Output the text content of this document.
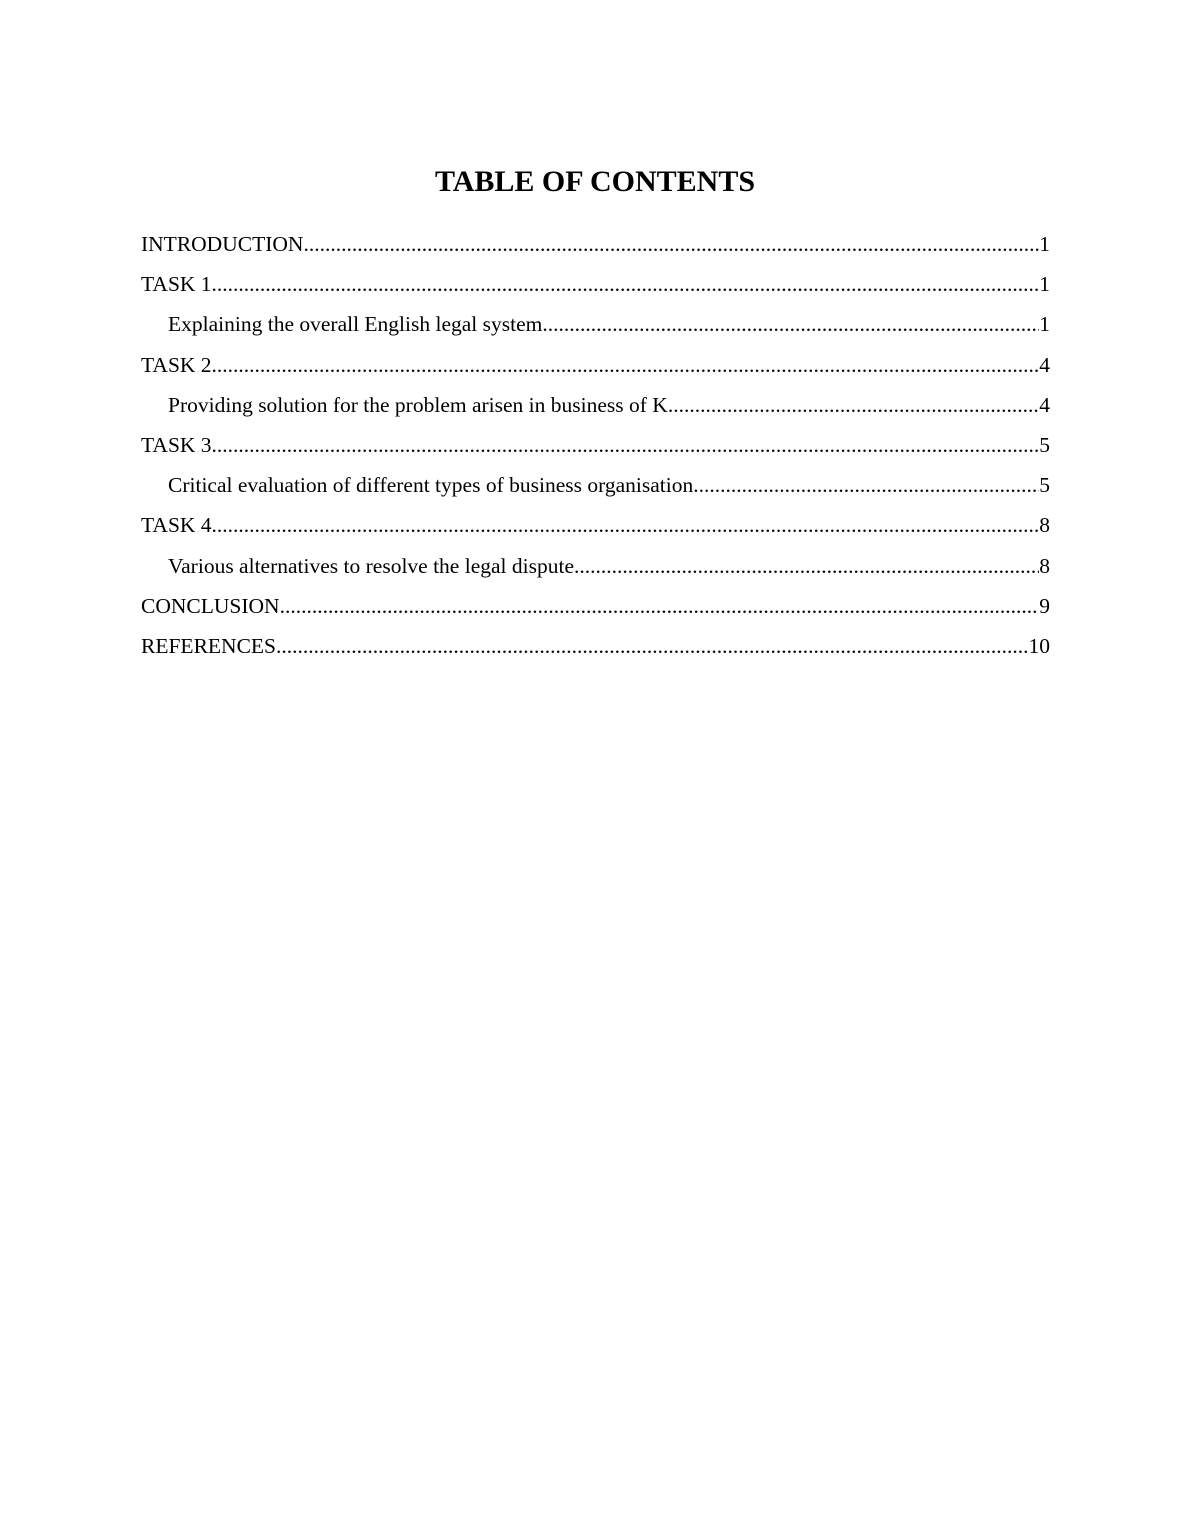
TABLE OF CONTENTS
INTRODUCTION .....	1
TASK 1 .....	1
Explaining the overall English legal system .....	1
TASK 2 .....	4
Providing solution for the problem arisen in business of K .....	4
TASK 3 .....	5
Critical evaluation of different types of business organisation .....	5
TASK 4 .....	8
Various alternatives to resolve the legal dispute .....	8
CONCLUSION .....	9
REFERENCES .....	10
